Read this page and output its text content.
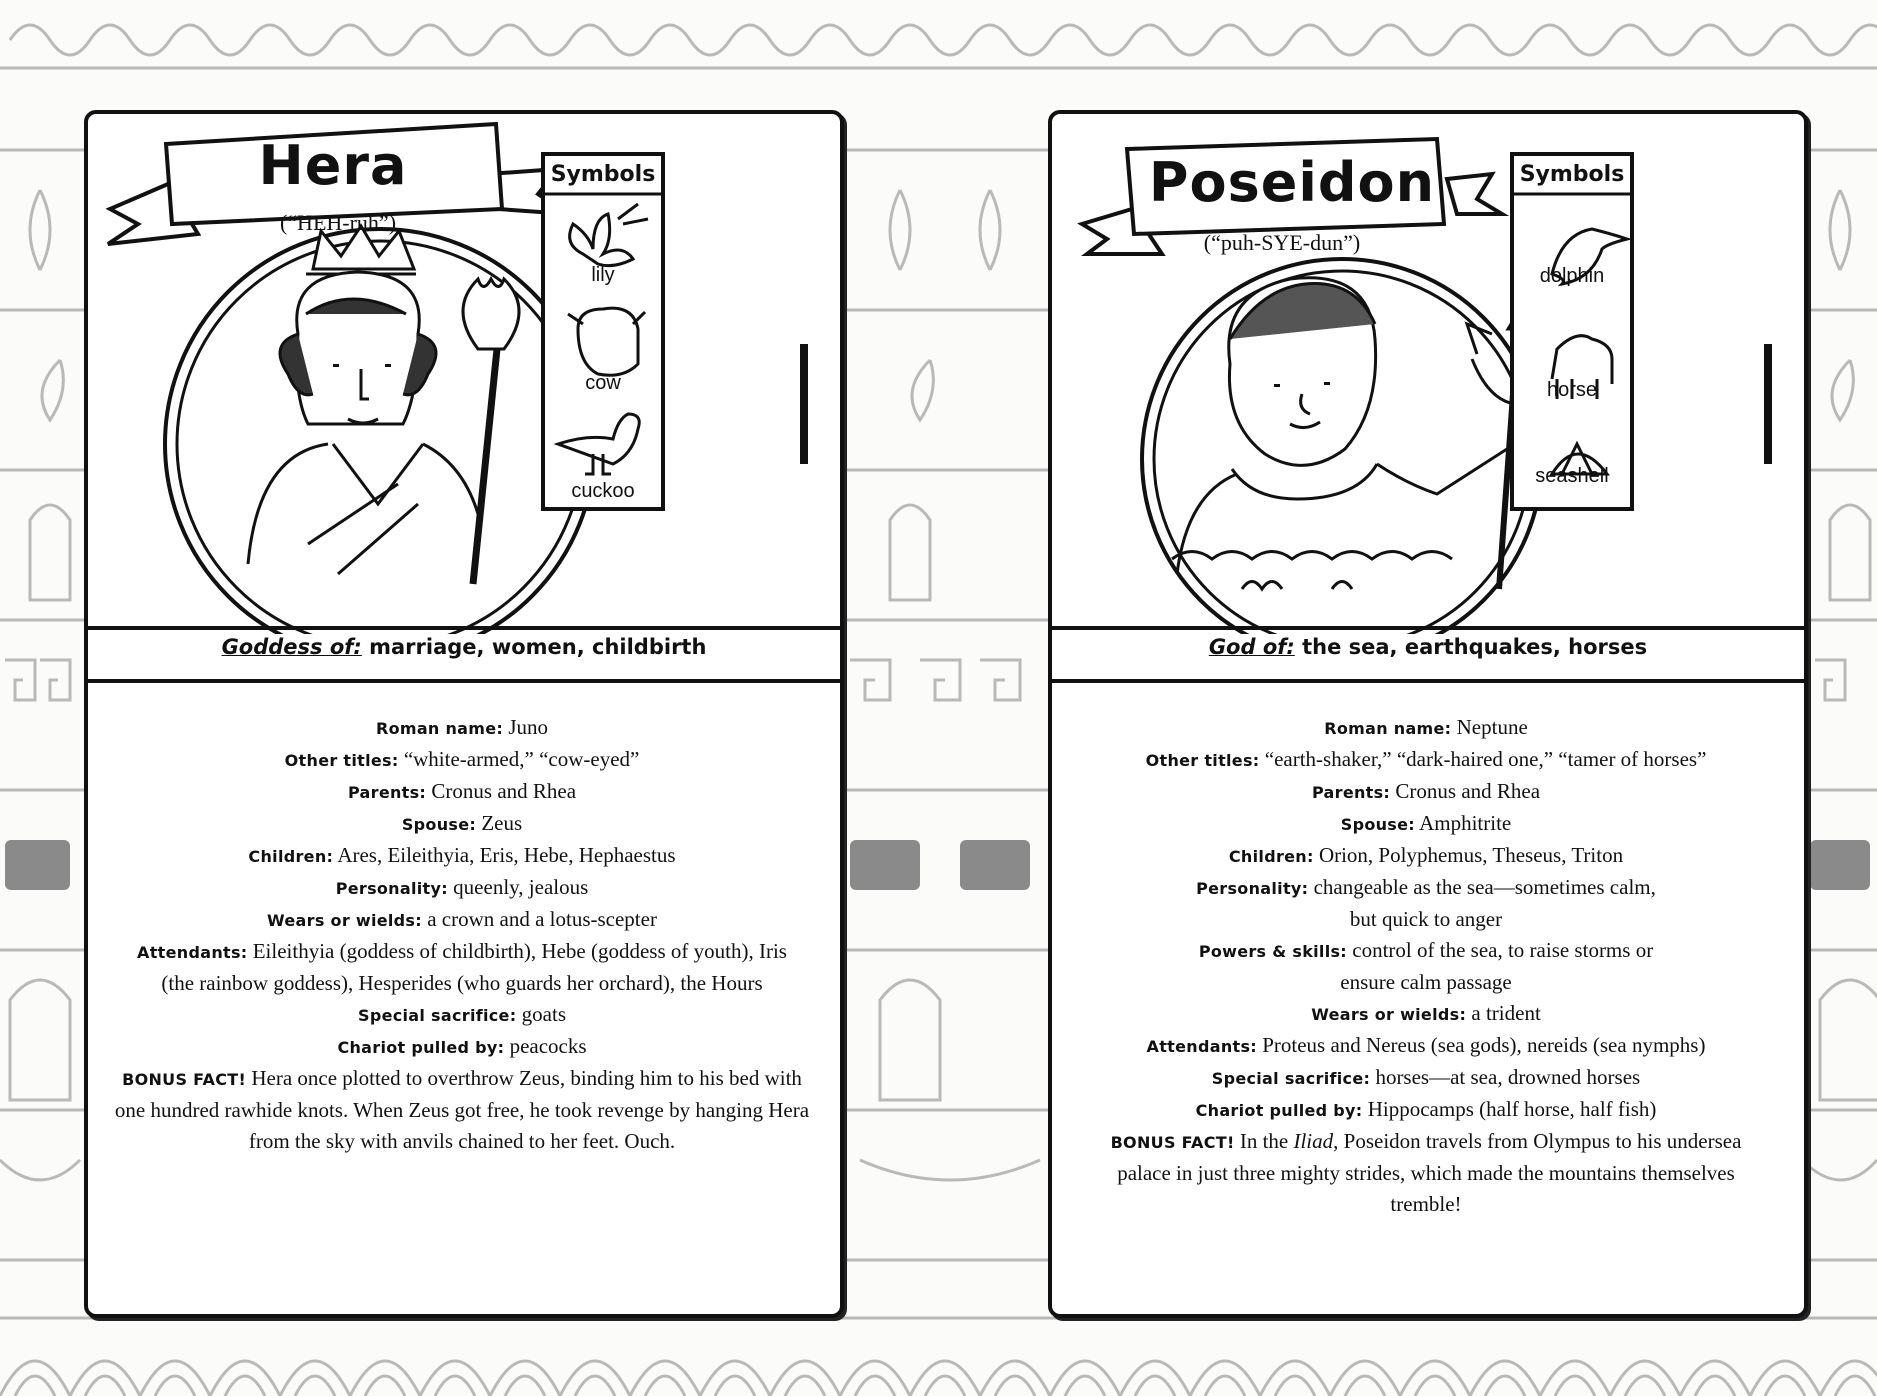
Hera
(“HEH-ruh”)
Symbols
lily
cow
cuckoo
Goddess of: marriage, women, childbirth

Roman name: Juno

Other titles: “white-armed,” “cow-eyed”

Parents: Cronus and Rhea

Spouse: Zeus

Children: Ares, Eileithyia, Eris, Hebe, Hephaestus

Personality: queenly, jealous

Wears or wields: a crown and a lotus-scepter

Attendants: Eileithyia (goddess of childbirth), Hebe (goddess of youth), Iris (the rainbow goddess), Hesperides (who guards her orchard), the Hours

Special sacrifice: goats

Chariot pulled by: peacocks

BONUS FACT! Hera once plotted to overthrow Zeus, binding him to his bed with one hundred rawhide knots. When Zeus got free, he took revenge by hanging Hera from the sky with anvils chained to her feet. Ouch.

Poseidon
(“puh-SYE-dun”)
Symbols
dolphin
horse
seashell
God of: the sea, earthquakes, horses

Roman name: Neptune

Other titles: “earth-shaker,” “dark-haired one,” “tamer of horses”

Parents: Cronus and Rhea

Spouse: Amphitrite

Children: Orion, Polyphemus, Theseus, Triton

Personality: changeable as the sea—sometimes calm, but quick to anger

Powers & skills: control of the sea, to raise storms or ensure calm passage

Wears or wields: a trident

Attendants: Proteus and Nereus (sea gods), nereids (sea nymphs)

Special sacrifice: horses—at sea, drowned horses

Chariot pulled by: Hippocamps (half horse, half fish)

BONUS FACT! In the Iliad, Poseidon travels from Olympus to his undersea palace in just three mighty strides, which made the mountains themselves tremble!
